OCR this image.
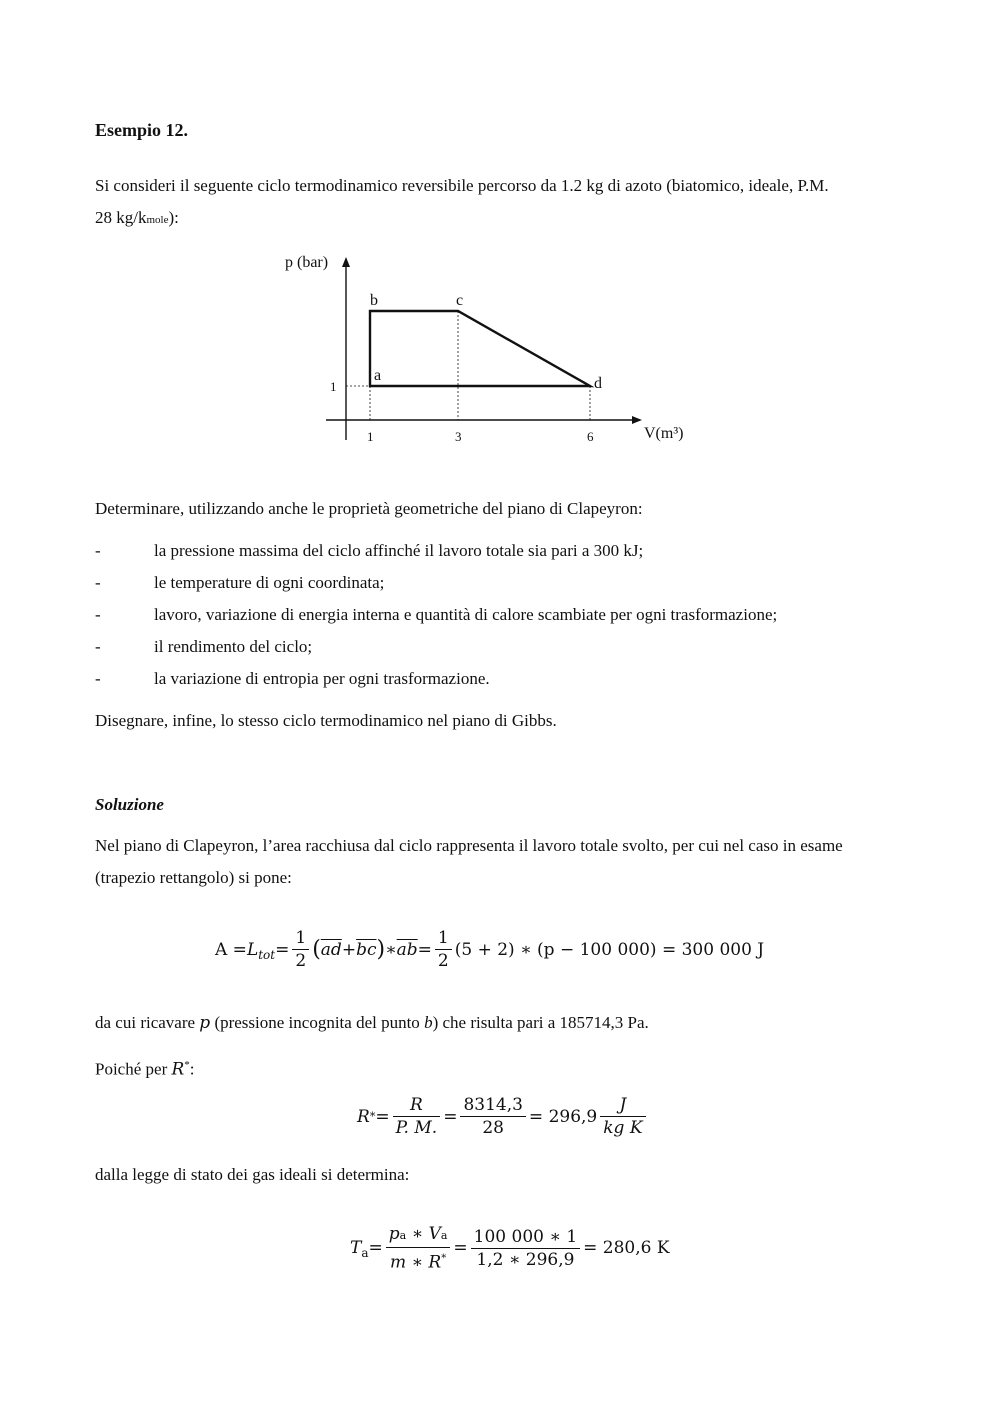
Esempio 12.
Si consideri il seguente ciclo termodinamico reversibile percorso da 1.2 kg di azoto (biatomico, ideale, P.M.
28 kg/kmole):
p (bar)
V(m³)
a
b	c
d
1	3	6
1
Determinare, utilizzando anche le proprietà geometriche del piano di Clapeyron:
-	la pressione massima del ciclo affinché il lavoro totale sia pari a 300 kJ;
-	le temperature di ogni coordinata;
-	lavoro, variazione di energia interna e quantità di calore scambiate per ogni trasformazione;
-	il rendimento del ciclo;
-	la variazione di entropia per ogni trasformazione.
Disegnare, infine, lo stesso ciclo termodinamico nel piano di Gibbs.
Soluzione
Nel piano di Clapeyron, l’area racchiusa dal ciclo rappresenta il lavoro totale svolto, per cui nel caso in esame
(trapezio rettangolo) si pone:
A = L tot = $\frac{1}{2}$ ( $\overline{ad} + \overline{bc}$ ) ∗ $\overline{ab} = \frac{1}{2} (5 + 2)$ ∗ (p − 100 000) = 300 000 J
da cui ricavare p (pressione incognita del punto b) che risulta pari a 185714,3 Pa.
Poiché per R*:
R * = $\frac{R}{P. M.} = \frac{8314,3}{28} = 296,9 \frac{J}{\text{kg K}}$
dalla legge di stato dei gas ideali si determina:
T $a = \frac{pa ∗ Va}{m ∗ R^*} = \frac{100 000 ∗ 1}{1,2 ∗ 296,9} = 280,6$ K
